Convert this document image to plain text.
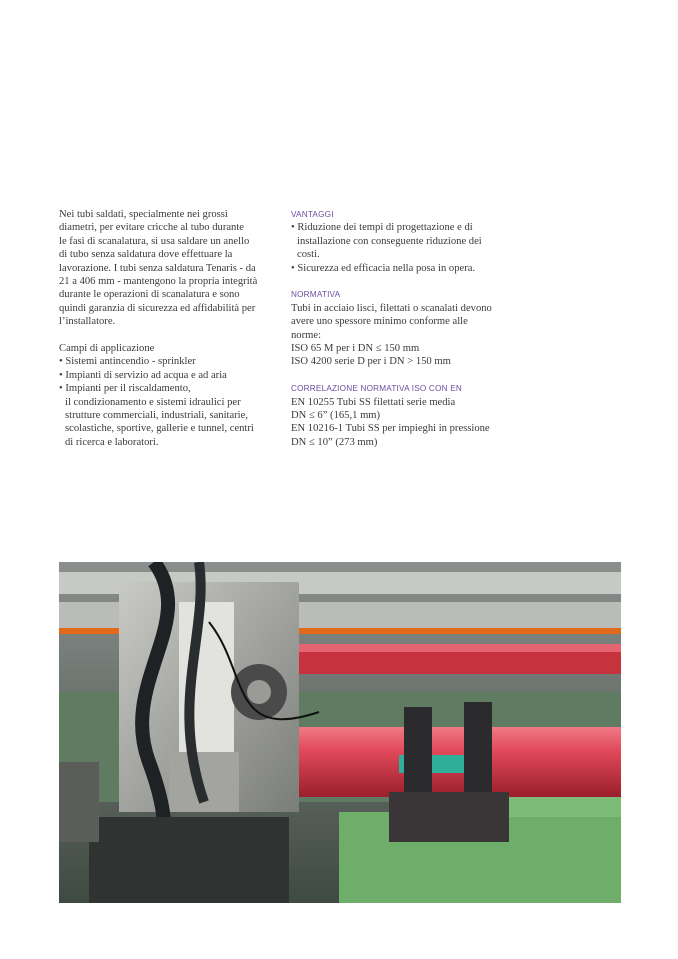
Nei tubi saldati, specialmente nei grossi
diametri, per evitare cricche al tubo durante
le fasi di scanalatura, si usa saldare un anello
di tubo senza saldatura dove effettuare la
lavorazione. I tubi senza saldatura Tenaris - da
21 a 406 mm - mantengono la propria integrità
durante le operazioni di scanalatura e sono
quindi garanzia di sicurezza ed affidabilità per
l’installatore.

Campi di applicazione
• Sistemi antincendio - sprinkler
• Impianti di servizio ad acqua e ad aria
• Impianti per il riscaldamento,
il condizionamento e sistemi idraulici per
strutture commerciali, industriali, sanitarie,
scolastiche, sportive, gallerie e tunnel, centri
di ricerca e laboratori.

VANTAGGI

• Riduzione dei tempi di progettazione e di
installazione con conseguente riduzione dei
costi.
• Sicurezza ed efficacia nella posa in opera.

NORMATIVA

Tubi in acciaio lisci, filettati o scanalati devono
avere uno spessore minimo conforme alle
norme:
ISO 65 M per i DN ≤ 150 mm
ISO 4200 serie D per i DN > 150 mm

CORRELAZIONE NORMATIVA ISO CON EN

EN 10255 Tubi SS filettati serie media
DN ≤ 6” (165,1 mm)
EN 10216-1 Tubi SS per impieghi in pressione
DN ≤ 10” (273 mm)
